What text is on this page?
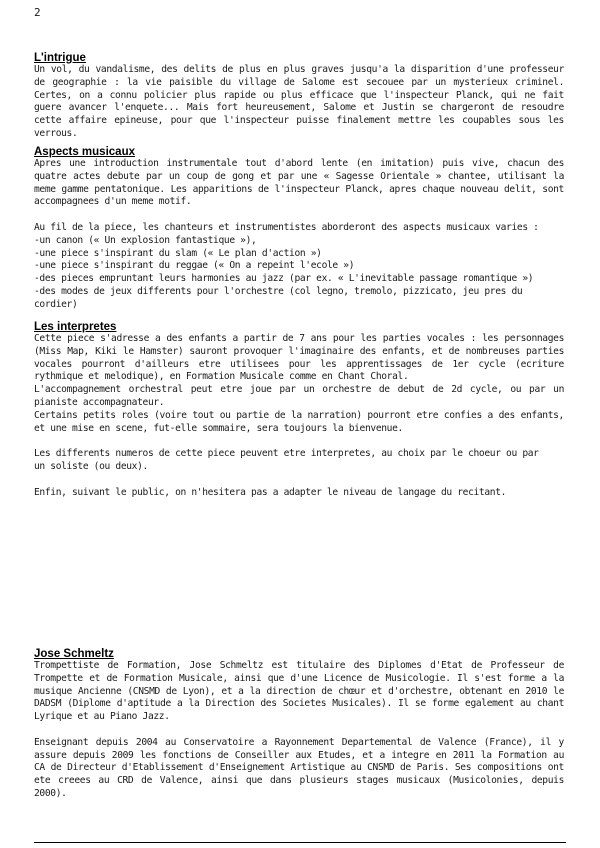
2
L'intrigue

Un vol, du vandalisme, des delits de plus en plus graves jusqu'a la disparition d'une professeur de geographie : la vie paisible du village de Salome est secouee par un mysterieux criminel. Certes, on a connu policier plus rapide ou plus efficace que l'inspecteur Planck, qui ne fait guere avancer l'enquete... Mais fort heureusement, Salome et Justin se chargeront de resoudre cette affaire epineuse, pour que l'inspecteur puisse finalement mettre les coupables sous les verrous.

Aspects musicaux

Apres une introduction instrumentale tout d'abord lente (en imitation) puis vive, chacun des quatre actes debute par un coup de gong et par une « Sagesse Orientale » chantee, utilisant la meme gamme pentatonique. Les apparitions de l'inspecteur Planck, apres chaque nouveau delit, sont accompagnees d'un meme motif.

Au fil de la piece, les chanteurs et instrumentistes aborderont des aspects musicaux varies :

-un canon (« Un explosion fantastique »),
-une piece s'inspirant du slam (« Le plan d'action »)
-une piece s'inspirant du reggae (« On a repeint l'ecole »)
-des pieces empruntant leurs harmonies au jazz (par ex. « L'inevitable passage romantique »)
-des modes de jeux differents pour l'orchestre (col legno, tremolo, pizzicato, jeu pres du cordier)
Les interpretes

Cette piece s'adresse a des enfants a partir de 7 ans pour les parties vocales : les personnages (Miss Map, Kiki le Hamster) sauront provoquer l'imaginaire des enfants, et de nombreuses parties vocales pourront d'ailleurs etre utilisees pour les apprentissages de 1er cycle (ecriture rythmique et melodique), en Formation Musicale comme en Chant Choral.

L'accompagnement orchestral peut etre joue par un orchestre de debut de 2d cycle, ou par un pianiste accompagnateur.

Certains petits roles (voire tout ou partie de la narration) pourront etre confies a des enfants, et une mise en scene, fut-elle sommaire, sera toujours la bienvenue.

Les differents numeros de cette piece peuvent etre interpretes, au choix par le choeur ou par

un soliste (ou deux).

Enfin, suivant le public, on n'hesitera pas a adapter le niveau de langage du recitant.

Jose Schmeltz

Trompettiste de Formation, Jose Schmeltz est titulaire des Diplomes d'Etat de Professeur de Trompette et de Formation Musicale, ainsi que d'une Licence de Musicologie. Il s'est forme a la musique Ancienne (CNSMD de Lyon), et a la direction de chœur et d'orchestre, obtenant en 2010 le DADSM (Diplome d'aptitude a la Direction des Societes Musicales). Il se forme egalement au chant Lyrique et au Piano Jazz.

Enseignant depuis 2004 au Conservatoire a Rayonnement Departemental de Valence (France), il y assure depuis 2009 les fonctions de Conseiller aux Etudes, et a integre en 2011 la Formation au CA de Directeur d'Etablissement d'Enseignement Artistique au CNSMD de Paris. Ses compositions ont ete creees au CRD de Valence, ainsi que dans plusieurs stages musicaux (Musicolonies, depuis 2000).
